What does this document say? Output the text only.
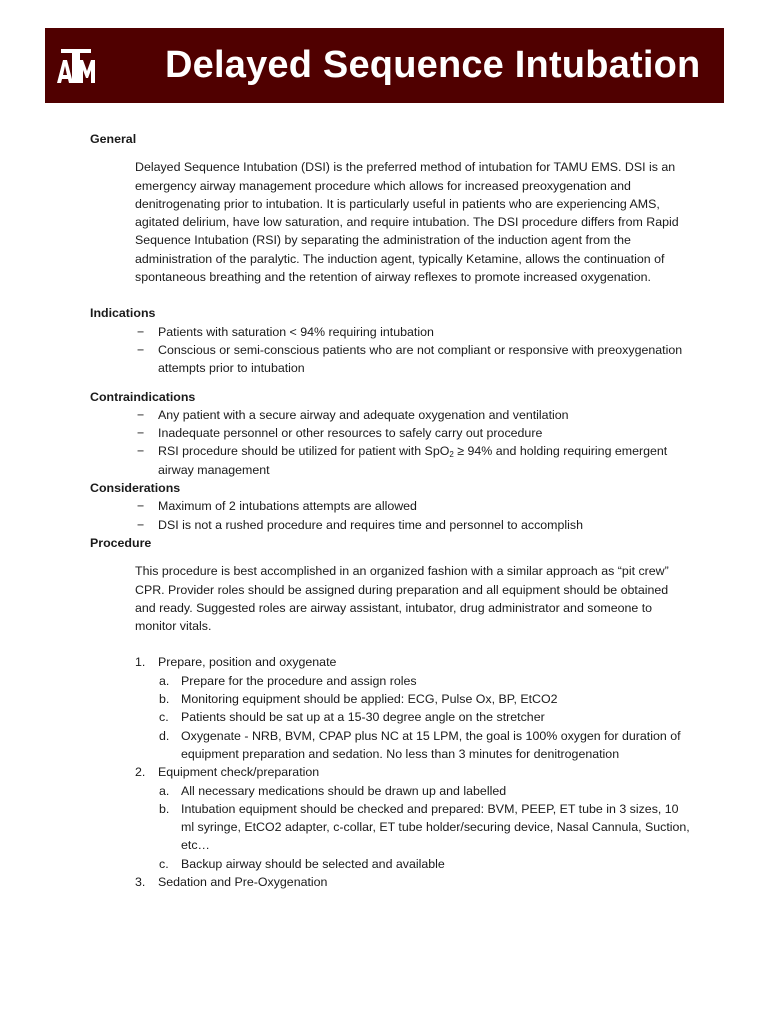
Delayed Sequence Intubation
General
Delayed Sequence Intubation (DSI) is the preferred method of intubation for TAMU EMS. DSI is an emergency airway management procedure which allows for increased preoxygenation and denitrogenating prior to intubation. It is particularly useful in patients who are experiencing AMS, agitated delirium, have low saturation, and require intubation. The DSI procedure differs from Rapid Sequence Intubation (RSI) by separating the administration of the induction agent from the administration of the paralytic. The induction agent, typically Ketamine, allows the continuation of spontaneous breathing and the retention of airway reflexes to promote increased oxygenation.
Indications
− Patients with saturation < 94% requiring intubation
− Conscious or semi-conscious patients who are not compliant or responsive with preoxygenation attempts prior to intubation
Contraindications
− Any patient with a secure airway and adequate oxygenation and ventilation
− Inadequate personnel or other resources to safely carry out procedure
− RSI procedure should be utilized for patient with SpO$_2$ ≥ 94% and holding requiring emergent airway management
Considerations
− Maximum of 2 intubations attempts are allowed
− DSI is not a rushed procedure and requires time and personnel to accomplish
Procedure
This procedure is best accomplished in an organized fashion with a similar approach as “pit crew” CPR. Provider roles should be assigned during preparation and all equipment should be obtained and ready. Suggested roles are airway assistant, intubator, drug administrator and someone to monitor vitals.
1. Prepare, position and oxygenate
a. Prepare for the procedure and assign roles
b. Monitoring equipment should be applied: ECG, Pulse Ox, BP, EtCO2
c. Patients should be sat up at a 15-30 degree angle on the stretcher
d. Oxygenate - NRB, BVM, CPAP plus NC at 15 LPM, the goal is 100% oxygen for duration of equipment preparation and sedation. No less than 3 minutes for denitrogenation
2. Equipment check/preparation
a. All necessary medications should be drawn up and labelled
b. Intubation equipment should be checked and prepared: BVM, PEEP, ET tube in 3 sizes, 10 ml syringe, EtCO2 adapter, c-collar, ET tube holder/securing device, Nasal Cannula, Suction, etc…
c. Backup airway should be selected and available
3. Sedation and Pre-Oxygenation
